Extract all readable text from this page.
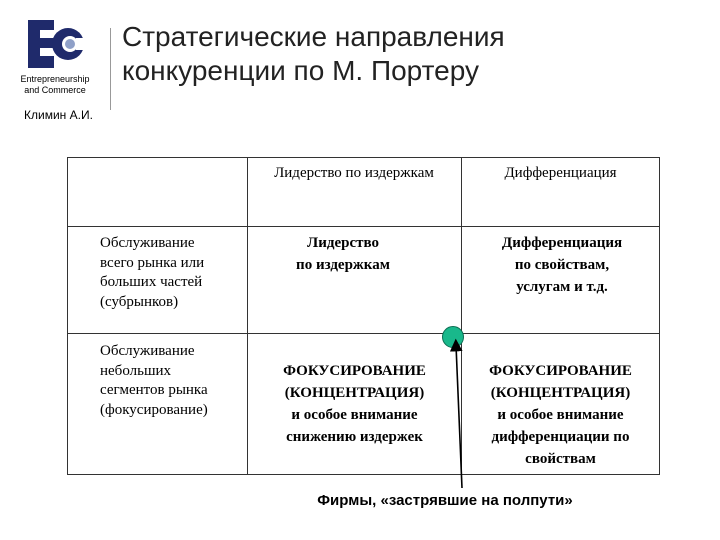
Entrepreneurship
and Commerce
Стратегические направления
конкуренции по М. Портеру
Климин А.И.
Лидерство по издержкам	Дифференциация
Обслуживание
всего рынка или
больших частей
(субрынков)
Обслуживание
небольших
сегментов рынка
(фокусирование)
Лидерство
по издержкам
Дифференциация
по свойствам,
услугам и т.д.
ФОКУСИРОВАНИЕ
(КОНЦЕНТРАЦИЯ)
и особое внимание
снижению издержек
ФОКУСИРОВАНИЕ
(КОНЦЕНТРАЦИЯ)
и особое внимание
дифференциации по
свойствам
Фирмы, «застрявшие на полпути»
